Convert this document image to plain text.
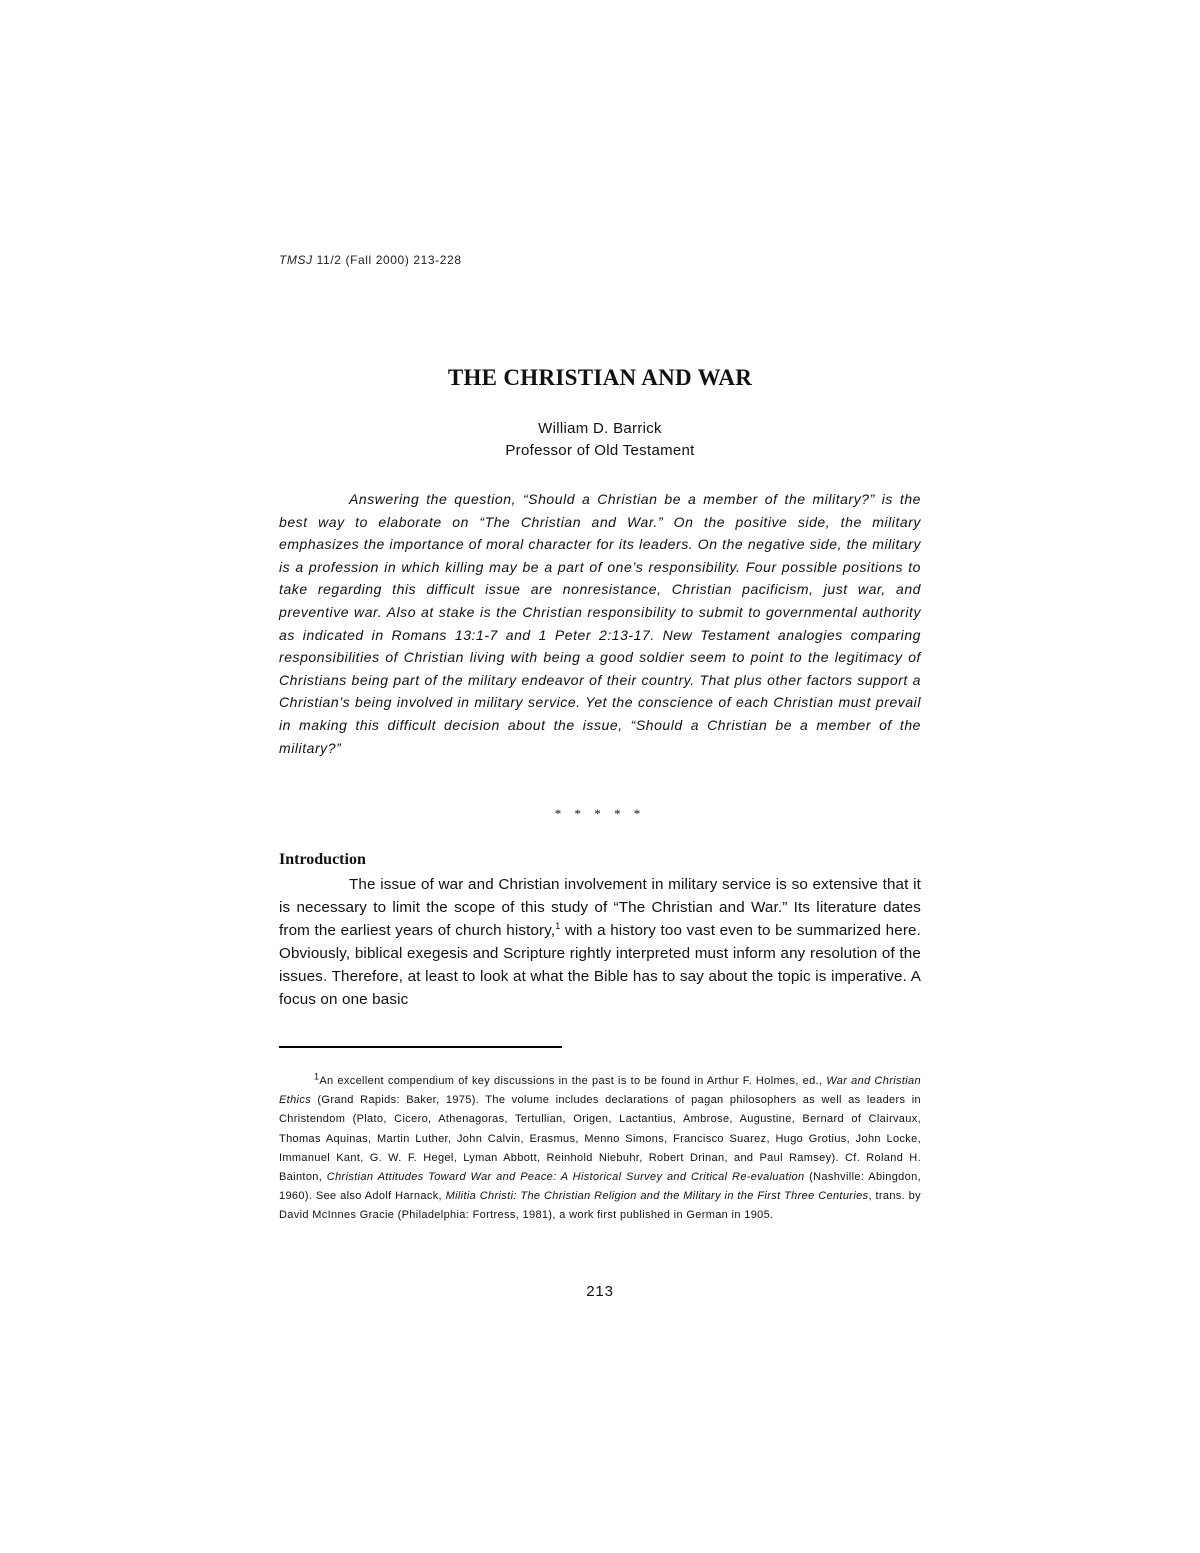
TMSJ 11/2 (Fall 2000) 213-228
THE CHRISTIAN AND WAR
William D. Barrick
Professor of Old Testament

Answering the question, “Should a Christian be a member of the military?” is the best way to elaborate on “The Christian and War.” On the positive side, the military emphasizes the importance of moral character for its leaders. On the negative side, the military is a profession in which killing may be a part of one’s responsibility. Four possible positions to take regarding this difficult issue are nonresistance, Christian pacificism, just war, and preventive war. Also at stake is the Christian responsibility to submit to governmental authority as indicated in Romans 13:1-7 and 1 Peter 2:13-17. New Testament analogies comparing responsibilities of Christian living with being a good soldier seem to point to the legitimacy of Christians being part of the military endeavor of their country. That plus other factors support a Christian’s being involved in military service. Yet the conscience of each Christian must prevail in making this difficult decision about the issue, “Should a Christian be a member of the military?”

* * * * *
Introduction

The issue of war and Christian involvement in military service is so extensive that it is necessary to limit the scope of this study of “The Christian and War.” Its literature dates from the earliest years of church history,$^1$ with a history too vast even to be summarized here. Obviously, biblical exegesis and Scripture rightly interpreted must inform any resolution of the issues. Therefore, at least to look at what the Bible has to say about the topic is imperative. A focus on one basic

$^1$An excellent compendium of key discussions in the past is to be found in Arthur F. Holmes, ed., War and Christian Ethics (Grand Rapids: Baker, 1975). The volume includes declarations of pagan philosophers as well as leaders in Christendom (Plato, Cicero, Athenagoras, Tertullian, Origen, Lactantius, Ambrose, Augustine, Bernard of Clairvaux, Thomas Aquinas, Martin Luther, John Calvin, Erasmus, Menno Simons, Francisco Suarez, Hugo Grotius, John Locke, Immanuel Kant, G. W. F. Hegel, Lyman Abbott, Reinhold Niebuhr, Robert Drinan, and Paul Ramsey). Cf. Roland H. Bainton, Christian Attitudes Toward War and Peace: A Historical Survey and Critical Re-evaluation (Nashville: Abingdon, 1960). See also Adolf Harnack, Militia Christi: The Christian Religion and the Military in the First Three Centuries, trans. by David McInnes Gracie (Philadelphia: Fortress, 1981), a work first published in German in 1905.

213
